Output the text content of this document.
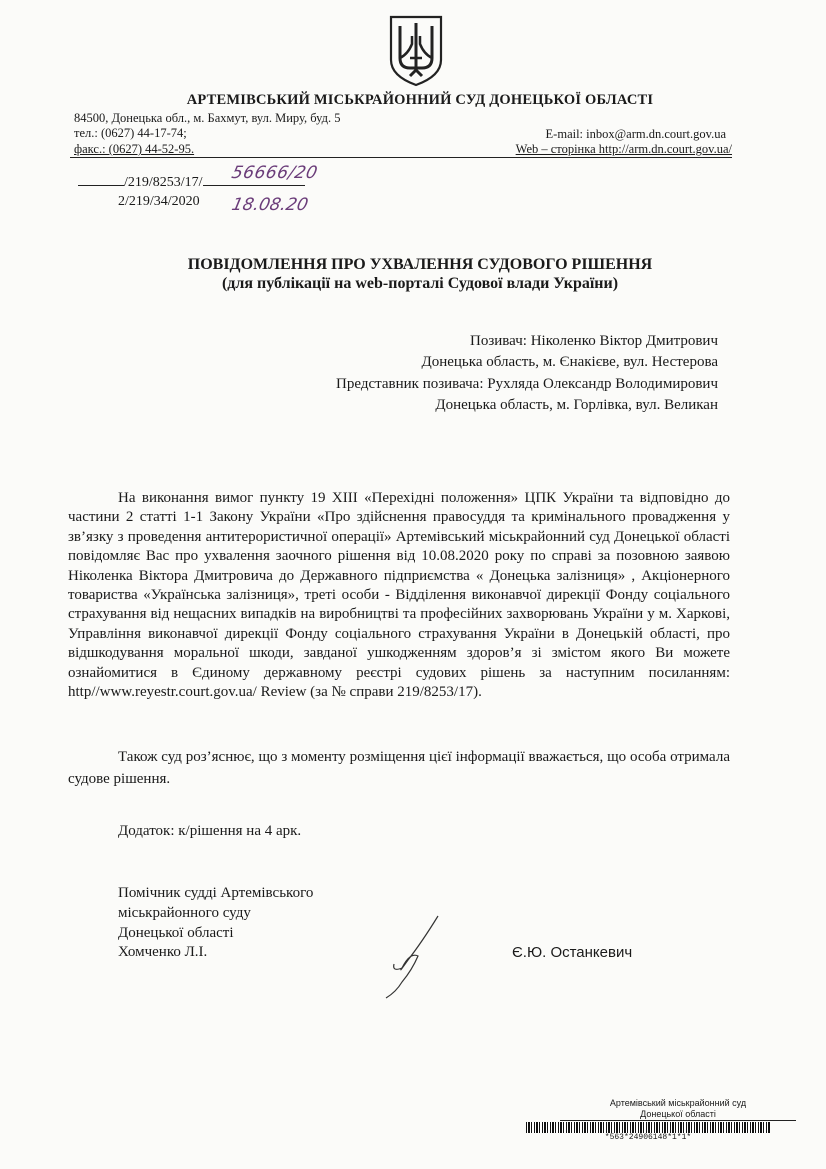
АРТЕМІВСЬКИЙ МІСЬКРАЙОННИЙ СУД ДОНЕЦЬКОЇ ОБЛАСТІ
84500, Донецька обл., м. Бахмут, вул. Миру, буд. 5
тел.: (0627) 44-17-74;
факс.: (0627) 44-52-95.
E-mail: inbox@arm.dn.court.gov.ua
Web – сторінка http://arm.dn.court.gov.ua/
/219/8253/17/	56666/20
2/219/34/2020 18.08.20
ПОВІДОМЛЕННЯ ПРО УХВАЛЕННЯ СУДОВОГО РІШЕННЯ
(для публікації на web-порталі Судової влади України)
Позивач: Ніколенко Віктор Дмитрович
Донецька область, м. Єнакієве, вул. Нестерова
Представник позивача: Рухляда Олександр Володимирович
Донецька область, м. Горлівка, вул. Великан
На виконання вимог пункту 19 ХІІІ «Перехідні положення» ЦПК України та відповідно до частини 2 статті 1-1 Закону України «Про здійснення правосуддя та кримінального провадження у зв’язку з проведення антитерористичної операції» Артемівський міськрайонний суд Донецької області повідомляє Вас про ухвалення заочного рішення від 10.08.2020 року по справі за позовною заявою Ніколенка Віктора Дмитровича до Державного підприємства « Донецька залізниця» , Акціонерного товариства «Українська залізниця», треті особи - Відділення виконавчої дирекції Фонду соціального страхування від нещасних випадків на виробництві та професійних захворювань України у м. Харкові, Управління виконавчої дирекції Фонду соціального страхування України в Донецькій області, про відшкодування моральної шкоди, завданої ушкодженням здоров’я зі змістом якого Ви можете ознайомитися в Єдиному державному реєстрі судових рішень за наступним посиланням: http//www.reyestr.court.gov.ua/ Review (за № справи 219/8253/17).
Також суд роз’яснює, що з моменту розміщення цієї інформації вважається, що особа отримала судове рішення.
Додаток: к/рішення на 4 арк.
Помічник судді Артемівського
міськрайонного суду
Донецької області
Хомченко Л.І.	Є.Ю. Останкевич
Артемівський міськрайонний суд
Донецької області
*563*24906148*1*1*
